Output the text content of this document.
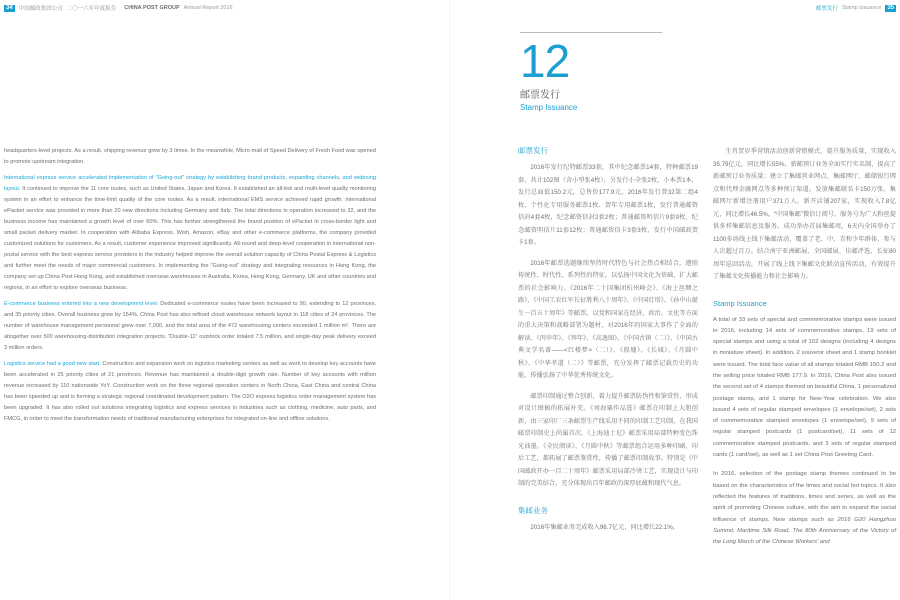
34	中国邮政集团公司 二〇一六年年度报告 CHINA POST GROUP Annual Report 2016

headquarters-level projects. As a result, shipping revenue grew by 3 times. In the meanwhile, Micro-mall of Speed Delivery of Fresh Food was opened to promote upstream integration.

International express service accelerated implementation of "Going-out" strategy by establishing brand products, expanding channels, and widening layout. It continued to improve the 11 core routes, such as United States, Japan and Korea. It established an all-link and multi-level quality monitoring system in an effort to enhance the time-limit quality of the core routes. As a result, international EMS service achieved rapid growth. International ePacket service was provided in more than 20 new directions including Germany and Italy. The total directions in operation increased to 32, and the business income has maintained a growth level of over 60%. This has further strengthened the brand position of ePacket in cross-border light and small packet delivery market. In cooperation with Alibaba Express, Wish, Amazon, eBay and other e-commerce platforms, the company provided customized solutions for customers. As a result, customer experience improved significantly. All-round and deep-level cooperation in international non-postal service with the best express service providers in the industry helped improve the overall solution capacity of China Postal Express & Logistics and further meet the needs of major commercial customers. In implementing the "Going-out" strategy and integrating resources in Hong Kong, the company set up China Post Hong Kong, and established overseas warehouses in Australia, Korea, Hong Kong, Germany, UK and other countries and regions, in an effort to explore overseas business.

E-commerce business entered into a new development level. Dedicated e-commerce routes have been increased to 90, extending to 12 provinces, and 35 priority cities. Overall business grew by 154%. China Post has also refined cloud warehouse network layout in 118 cities of 24 provinces. The number of warehouse management personnel grew over 7,000, and the total area of the 472 warehousing centers exceeded 1 million m². There are altogether over 500 warehousing-distribution integration projects. "Double-11" outstock order totaled 7.5 million, and single-day peak delivery exceed 3 million orders.

Logistics service had a good new start. Construction and expansion work on logistics marketing centers as well as work to develop key accounts have been accelerated in 25 priority cities of 21 provinces. Revenue has maintained a double-digit growth rate. Number of key accounts with million revenue increased by 110 nationwide YoY. Construction work on the three regional operation centers in North China, East China and central China has been speeded up and is forming a strategic regional coordinated development pattern. The O2O express logistics order management system has been upgraded. It has also rolled out solutions integrating logistics and express services in industries such as clothing, medicine, auto parts, and FMCG, in order to meet the transformation needs of traditional manufacturing enterprises for integrated on-line and offline solutions.

邮票发行 Stamp Issuance	35
12
邮票发行
Stamp Issuance
邮票发行

2016年发行纪特邮票33套，其中纪念邮票14套，特种邮票19套，共计102图（含小型张4枚），另发行小全张2枚，小本票1本，发行总面值150.2元，总售价177.9元。2016年发行普32第二组4枚、个性化专用服务邮票1枚、贺年专用邮票1枚，发行普通邮资信封4套4枚，纪念邮资信封2套2枚；普通邮资明信片9套9枚，纪念邮资明信片11套12枚；普通邮资信卡3套3枚，发行中国邮政贺卡1套。

2016年邮票选题继续坚持时代特色与社会热点相结合，遵照传统性、时代性、系列性的特征，以弘扬中国文化为基础，扩大邮票的社会影响力。《2016年二十国集团杭州峰会》、《海上丝绸之路》、《中国工农红军长征胜利八十周年》、《中国灯塔》、《孙中山诞生一百五十周年》等邮票，以党和国家在经济、政治、文化等方面的重大决策和战略部署为题材，对2016年的国家大事作了全面的解读。《丙申年》、《拜年》、《高逸图》、《中国古镇（二）》、《中国古典文学名著——<红楼梦>（二）》、《殷墟》、《长城》、《月圆中秋》、《中华孝道（二）》等邮票，充分发挥了邮票记载历史的功能，传播弘扬了中华优秀传统文化。

邮票印制通过整合创新，着力提升邮票防伪性和鉴赏性，形成对设计图稿的拓展补充。《刘海粟作品选》邮票在印制上大胆创新，由三家印厂三条邮票生产线采用不同的印制工艺印制，在我国邮票印制史上尚属首次。《上海迪士尼》邮票采用局部特种变色珠光油墨，《全民阅读》、《月圆中秋》等邮票组合运用多种印刷、印后工艺，都拓展了邮票鉴赏性，传播了邮票印制故事。特别是《中国邮政开办一百二十周年》邮票采用局部冷烫工艺，实现设计与印制的完美结合，充分体现出百年邮政的深厚底蕴和现代气息。

集邮业务

2016年集邮业务完成收入96.7亿元，同比增长22.1%。

生肖贺岁季营销活动创新营销模式，提升服务质量，实现收入35.79亿元，同比增长55%。新邮预订业务全面实行实名制，提高了新邮预订业务质量；建立了集邮营业网点、集邮网厅、邮储银行网点和代理金融网点等多种预订渠道。发放集邮联名卡150万张。集邮网厅新增注册用户371万人，新开店铺207家，实现收入7.8亿元，同比增长46.5%。“中国集邮”微信订阅号、服务号为广大粉丝提供多样集邮信息及服务。成功举办首届集邮周，6天内全国举办了1100多场线上线下集邮活动，覆盖了老、中、青和少年群体，参与人次超过百万。结合南宁亚洲邮展、全国邮展、佳邮评选、长征80周年巡回活动，开展了线上线下集邮文化联动宣传活动，有效提升了集邮文化传播能力和社会影响力。

Stamp Issuance

A total of 33 sets of special and commemorative stamps were issued in 2016, including 14 sets of commemorative stamps, 19 sets of special stamps and using a total of 102 designs (including 4 designs in miniature sheet). In addition, 2 souvenir sheet and 1 stamp booklet were issued. The total face value of all stamps totaled RMB 150.2 and the selling price totaled RMB 177.9. In 2016, China Post also issued the second set of 4 stamps themed on beautiful China, 1 personalized postage stamp, and 1 stamp for New-Year celebration. We also issued 4 sets of regular stamped envelopes (1 envelope/set), 2 sets of commemorative stamped envelopes (1 envelope/set), 9 sets of regular stamped postcards (1 postcard/set), 11 sets of 12 commemorative stamped postcards, and 3 sets of regular stamped cards (1 card/set), as well as 1 set China Post Greeting Card.

In 2016, selection of the postage stamp themes continued to be based on the characteristics of the times and social hot topics. It also reflected the features of traditions, times and series, as well as the spirit of promoting Chinese culture, with the aim to expand the social influence of stamps. New stamps such as 2016 G20 Hangzhou Summit, Maritime Silk Road, The 80th Anniversary of the Victory of the Long March of the Chinese Workers' and
